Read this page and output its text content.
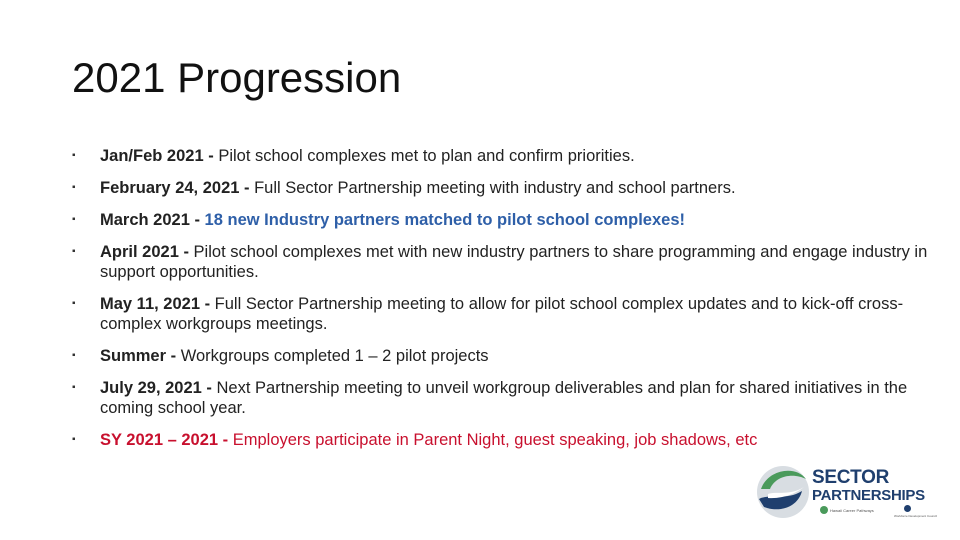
2021 Progression
▪ Jan/Feb 2021 - Pilot school complexes met to plan and confirm priorities.
▪ February 24, 2021 - Full Sector Partnership meeting with industry and school partners.
▪ March 2021 - 18 new Industry partners matched to pilot school complexes!
▪ April 2021 - Pilot school complexes met with new industry partners to share programming and engage industry in support opportunities.
▪ May 11, 2021 - Full Sector Partnership meeting to allow for pilot school complex updates and to kick-off cross-complex workgroups meetings.
▪ Summer - Workgroups completed 1 – 2 pilot projects
▪ July 29, 2021 - Next Partnership meeting to unveil workgroup deliverables and plan for shared initiatives in the coming school year.
▪ SY 2021 – 2021 - Employers participate in Parent Night, guest speaking, job shadows, etc
SECTOR
PARTNERSHIPS
Hawaii Career Pathways
Workforce Development Council
